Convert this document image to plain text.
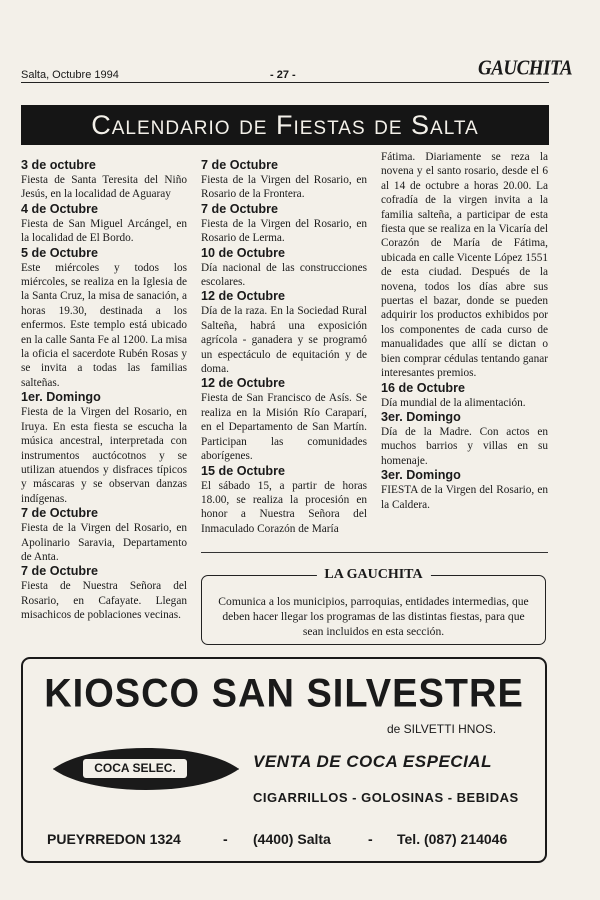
Salta, Octubre 1994	- 27 -	GAUCHITA
Calendario de Fiestas de Salta
3 de octubre
Fiesta de Santa Teresita del Niño Jesús, en la localidad de Aguaray
4 de Octubre
Fiesta de San Miguel Arcángel, en la localidad de El Bordo.
5 de Octubre
Este miércoles y todos los miércoles, se realiza en la Iglesia de la Santa Cruz, la misa de sanación, a horas 19.30, destinada a los enfermos. Este templo está ubicado en la calle Santa Fe al 1200. La misa la oficia el sacerdote Rubén Rosas y se invita a todas las familias salteñas.
1er. Domingo
Fiesta de la Virgen del Rosario, en Iruya. En esta fiesta se escucha la música ancestral, interpretada con instrumentos auctócotnos y se utilizan atuendos y disfraces típicos y máscaras y se observan danzas indígenas.
7 de Octubre
Fiesta de la Virgen del Rosario, en Apolinario Saravia, Departamento de Anta.
7 de Octubre
Fiesta de Nuestra Señora del Rosario, en Cafayate. Llegan misachicos de poblaciones vecinas.
7 de Octubre
Fiesta de la Virgen del Rosario, en Rosario de la Frontera.
7 de Octubre
Fiesta de la Virgen del Rosario, en Rosario de Lerma.
10 de Octubre
Día nacional de las construcciones escolares.
12 de Octubre
Día de la raza. En la Sociedad Rural Salteña, habrá una exposición agrícola - ganadera y se programó un espectáculo de equitación y de doma.
12 de Octubre
Fiesta de San Francisco de Asís. Se realiza en la Misión Río Caraparí, en el Departamento de San Martín. Participan las comunidades aborígenes.
15 de Octubre
El sábado 15, a partir de horas 18.00, se realiza la procesión en honor a Nuestra Señora del Inmaculado Corazón de María
Fátima. Diariamente se reza la novena y el santo rosario, desde el 6 al 14 de octubre a horas 20.00. La cofradía de la virgen invita a la familia salteña, a participar de esta fiesta que se realiza en la Vicaría del Corazón de María de Fátima, ubicada en calle Vicente López 1551 de esta ciudad. Después de la novena, todos los días abre sus puertas el bazar, donde se pueden adquirir los productos exhibidos por los componentes de cada curso de manualidades que allí se dictan o bien comprar cédulas tentando ganar interesantes premios.
16 de Octubre
Día mundial de la alimentación.
3er. Domingo
Día de la Madre. Con actos en muchos barrios y villas en su homenaje.
3er. Domingo
FIESTA de la Virgen del Rosario, en la Caldera.
LA GAUCHITA
Comunica a los municipios, parroquias, entidades intermedias, que deben hacer llegar los programas de las distintas fiestas, para que sean incluidos en esta sección.
KIOSCO SAN SILVESTRE
de SILVETTI HNOS.
COCA SELEC.	VENTA DE COCA ESPECIAL
CIGARRILLOS - GOLOSINAS - BEBIDAS
PUEYRREDON 1324	- (4400) Salta	- Tel. (087) 214046
